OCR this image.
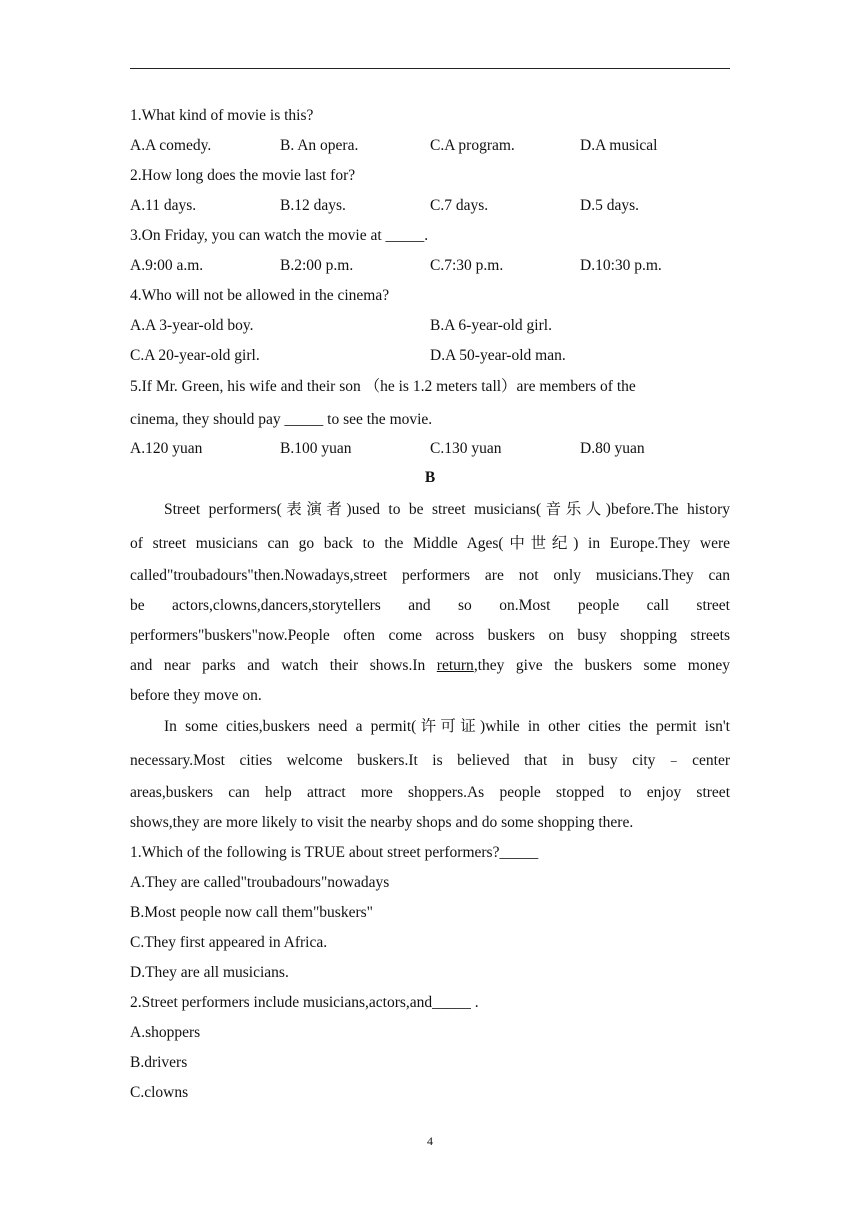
1.What kind of movie is this?
A.A comedy.	B. An opera.	C.A program.	D.A musical
2.How long does the movie last for?
A.11 days.	B.12 days.	C.7 days.	D.5 days.
3.On Friday, you can watch the movie at _____.
A.9:00 a.m.	B.2:00 p.m.	C.7:30 p.m.	D.10:30 p.m.
4.Who will not be allowed in the cinema?
A.A 3-year-old boy.	B.A 6-year-old girl.
C.A 20-year-old girl.	D.A 50-year-old man.
5.If Mr. Green, his wife and their son （he is 1.2 meters tall）are members of the
cinema, they should pay _____ to see the movie.
A.120 yuan	B.100 yuan	C.130 yuan	D.80 yuan
B
Street performers(表演者)used to be street musicians(音乐人)before.The history
of street musicians can go back to the Middle Ages(中世纪) in Europe.They were
called"troubadours"then.Nowadays,street performers are not only musicians.They can
be actors,clowns,dancers,storytellers and so on.Most people call street
performers"buskers"now.People often come across buskers on busy shopping streets
and near parks and watch their shows.In return,they give the buskers some money
before they move on.
In some cities,buskers need a permit(许可证)while in other cities the permit isn't
necessary.Most cities welcome buskers.It is believed that in busy city﹣center
areas,buskers can help attract more shoppers.As people stopped to enjoy street
shows,they are more likely to visit the nearby shops and do some shopping there.
1.Which of the following is TRUE about street performers?_____
A.They are called"troubadours"nowadays
B.Most people now call them"buskers"
C.They first appeared in Africa.
D.They are all musicians.
2.Street performers include musicians,actors,and_____ .
A.shoppers
B.drivers
C.clowns
4
